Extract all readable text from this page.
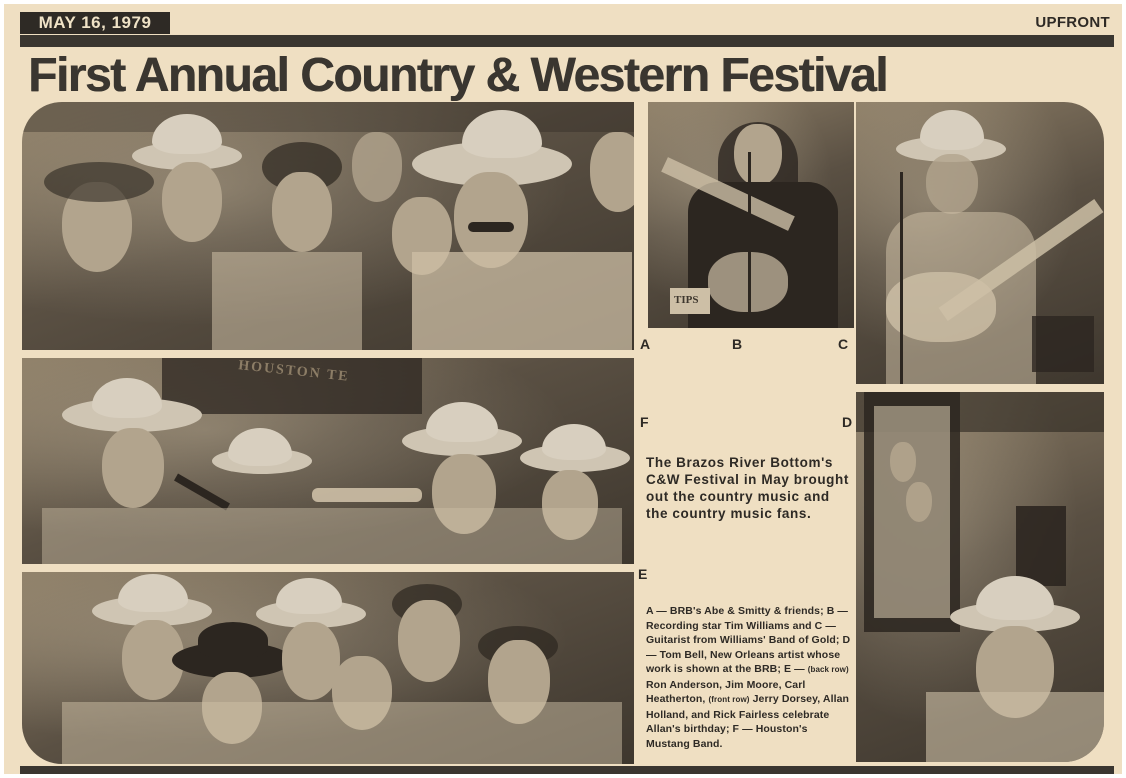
MAY 16, 1979	UPFRONT
First Annual Country & Western Festival
TIPS
A	B	C
HOUSTON TE
F	D
The Brazos River Bottom's C&W Festival in May brought out the country music and the country music fans.
E
A — BRB's Abe & Smitty & friends; B — Recording star Tim Williams and C — Guitarist from Williams' Band of Gold; D — Tom Bell, New Orleans artist whose work is shown at the BRB; E — (back row) Ron Anderson, Jim Moore, Carl Heatherton, (front row) Jerry Dorsey, Allan Holland, and Rick Fairless celebrate Allan's birthday; F — Houston's Mustang Band.
